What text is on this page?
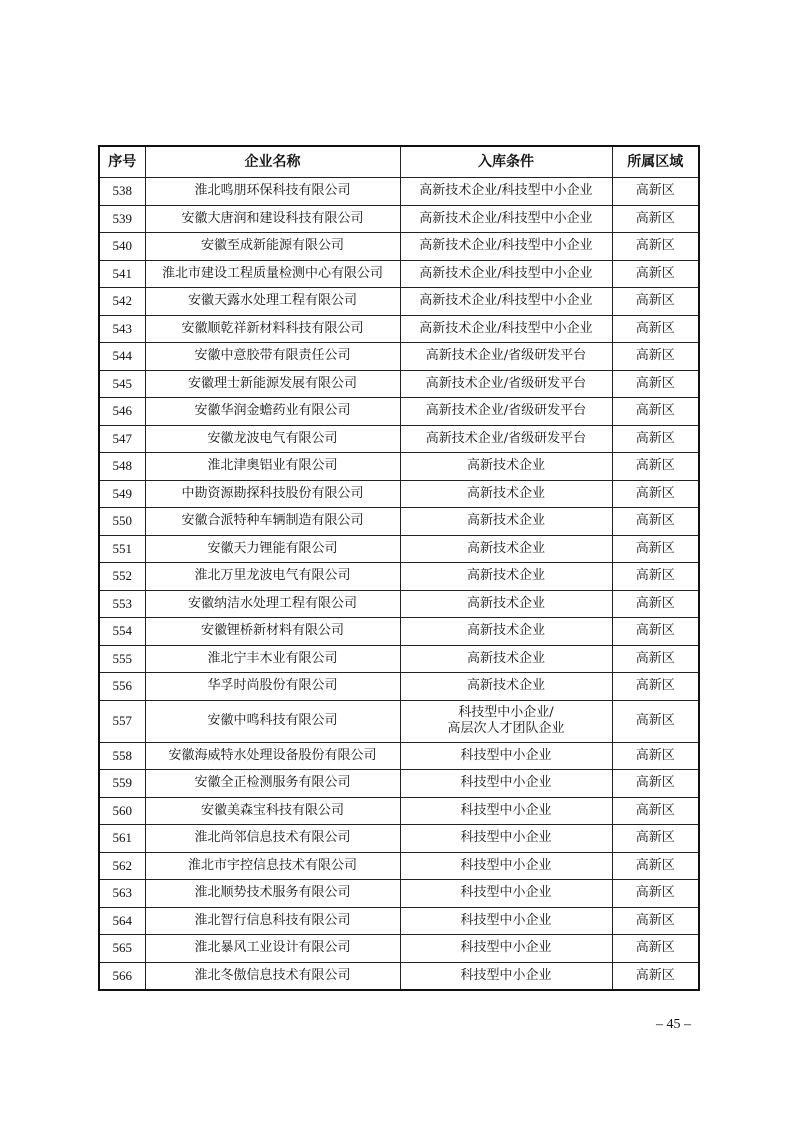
序号	企业名称	入库条件	所属区域
538	淮北鸣朋环保科技有限公司	高新技术企业/科技型中小企业	高新区
539	安徽大唐润和建设科技有限公司	高新技术企业/科技型中小企业	高新区
540	安徽至成新能源有限公司	高新技术企业/科技型中小企业	高新区
541	淮北市建设工程质量检测中心有限公司	高新技术企业/科技型中小企业	高新区
542	安徽天露水处理工程有限公司	高新技术企业/科技型中小企业	高新区
543	安徽顺乾祥新材料科技有限公司	高新技术企业/科技型中小企业	高新区
544	安徽中意胶带有限责任公司	高新技术企业/省级研发平台	高新区
545	安徽理士新能源发展有限公司	高新技术企业/省级研发平台	高新区
546	安徽华润金蟾药业有限公司	高新技术企业/省级研发平台	高新区
547	安徽龙波电气有限公司	高新技术企业/省级研发平台	高新区
548	淮北津奥铝业有限公司	高新技术企业	高新区
549	中勘资源勘探科技股份有限公司	高新技术企业	高新区
550	安徽合派特种车辆制造有限公司	高新技术企业	高新区
551	安徽天力锂能有限公司	高新技术企业	高新区
552	淮北万里龙波电气有限公司	高新技术企业	高新区
553	安徽纳洁水处理工程有限公司	高新技术企业	高新区
554	安徽锂桥新材料有限公司	高新技术企业	高新区
555	淮北宁丰木业有限公司	高新技术企业	高新区
556	华孚时尚股份有限公司	高新技术企业	高新区
557	安徽中鸣科技有限公司	科技型中小企业/
高层次人才团队企业	高新区
558	安徽海威特水处理设备股份有限公司	科技型中小企业	高新区
559	安徽全正检测服务有限公司	科技型中小企业	高新区
560	安徽美森宝科技有限公司	科技型中小企业	高新区
561	淮北尚邻信息技术有限公司	科技型中小企业	高新区
562	淮北市宇控信息技术有限公司	科技型中小企业	高新区
563	淮北顺势技术服务有限公司	科技型中小企业	高新区
564	淮北智行信息科技有限公司	科技型中小企业	高新区
565	淮北暴风工业设计有限公司	科技型中小企业	高新区
566	淮北冬傲信息技术有限公司	科技型中小企业	高新区
– 45 –
